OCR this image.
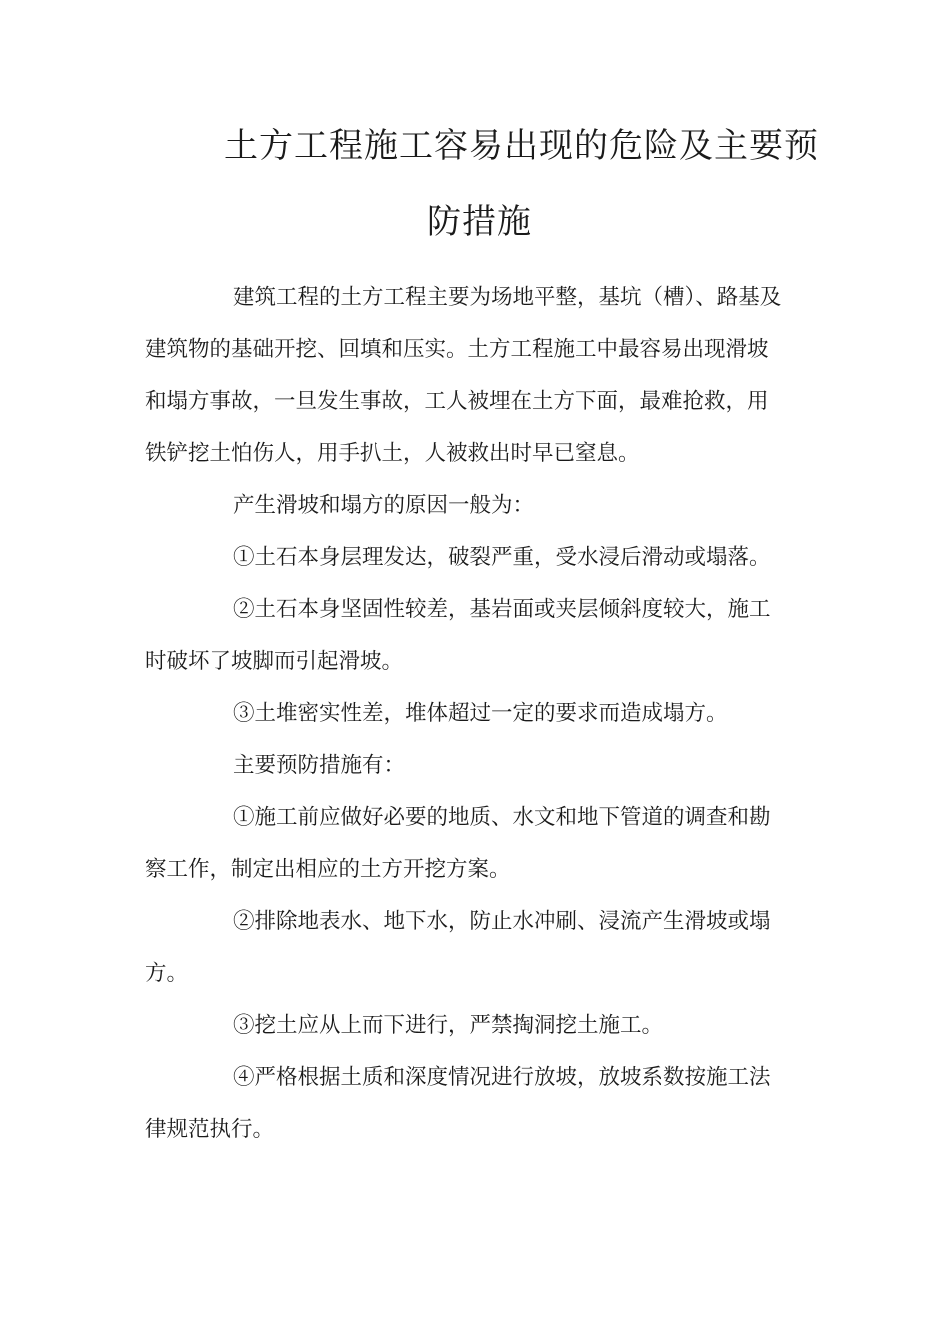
土方工程施工容易出现的危险及主要预
防措施
建筑工程的土方工程主要为场地平整，基坑（槽）、路基及
建筑物的基础开挖、回填和压实。土方工程施工中最容易出现滑坡
和塌方事故，一旦发生事故，工人被埋在土方下面，最难抢救，用
铁铲挖土怕伤人，用手扒土，人被救出时早已窒息。
产生滑坡和塌方的原因一般为：
①土石本身层理发达，破裂严重，受水浸后滑动或塌落。
②土石本身坚固性较差，基岩面或夹层倾斜度较大，施工
时破坏了坡脚而引起滑坡。
③土堆密实性差，堆体超过一定的要求而造成塌方。
主要预防措施有：
①施工前应做好必要的地质、水文和地下管道的调查和勘
察工作，制定出相应的土方开挖方案。
②排除地表水、地下水，防止水冲刷、浸流产生滑坡或塌
方。
③挖土应从上而下进行，严禁掏洞挖土施工。
④严格根据土质和深度情况进行放坡，放坡系数按施工法
律规范执行。
